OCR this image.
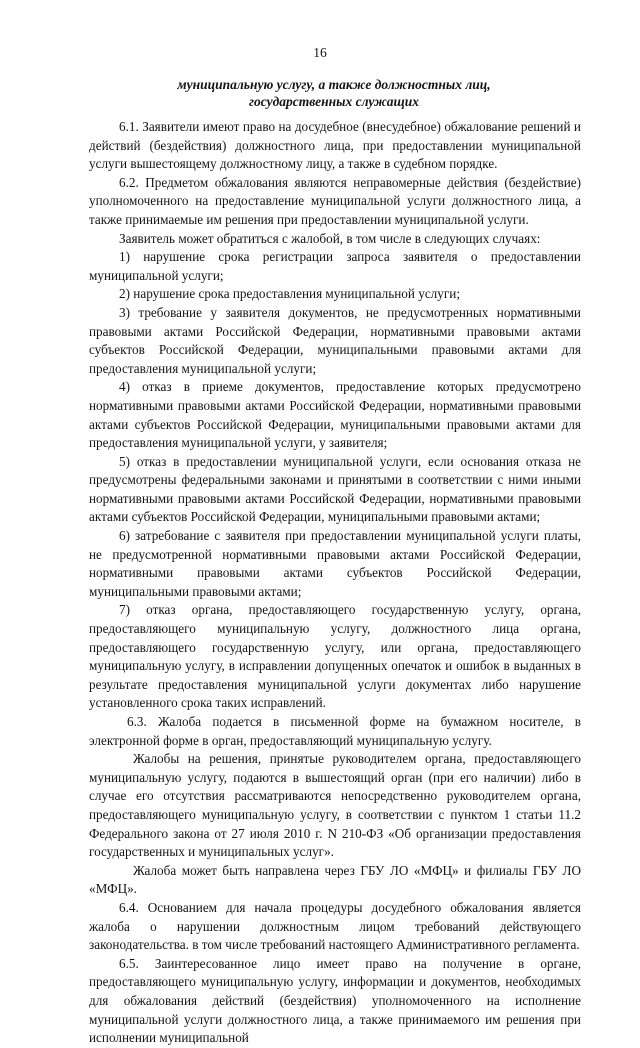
16
муниципальную услугу, а также должностных лиц,
государственных служащих

6.1. Заявители имеют право на досудебное (внесудебное) обжалование решений и действий (бездействия) должностного лица, при предоставлении муниципальной услуги вышестоящему должностному лицу, а также в судебном порядке.

6.2. Предметом обжалования являются неправомерные действия (бездействие) уполномоченного на предоставление муниципальной услуги должностного лица, а также принимаемые им решения при предоставлении муниципальной услуги.

Заявитель может обратиться с жалобой, в том числе в следующих случаях:

1) нарушение срока регистрации запроса заявителя о предоставлении муниципальной услуги;

2) нарушение срока предоставления муниципальной услуги;

3) требование у заявителя документов, не предусмотренных нормативными правовыми актами Российской Федерации, нормативными правовыми актами субъектов Российской Федерации, муниципальными правовыми актами для предоставления муниципальной услуги;

4) отказ в приеме документов, предоставление которых предусмотрено нормативными правовыми актами Российской Федерации, нормативными правовыми актами субъектов Российской Федерации, муниципальными правовыми актами для предоставления муниципальной услуги, у заявителя;

5) отказ в предоставлении муниципальной услуги, если основания отказа не предусмотрены федеральными законами и принятыми в соответствии с ними иными нормативными правовыми актами Российской Федерации, нормативными правовыми актами субъектов Российской Федерации, муниципальными правовыми актами;

6) затребование с заявителя при предоставлении муниципальной услуги платы, не предусмотренной нормативными правовыми актами Российской Федерации, нормативными правовыми актами субъектов Российской Федерации, муниципальными правовыми актами;

7) отказ органа, предоставляющего государственную услугу, органа, предоставляющего муниципальную услугу, должностного лица органа, предоставляющего государственную услугу, или органа, предоставляющего муниципальную услугу, в исправлении допущенных опечаток и ошибок в выданных в результате предоставления муниципальной услуги документах либо нарушение установленного срока таких исправлений.

6.3. Жалоба подается в письменной форме на бумажном носителе, в электронной форме в орган, предоставляющий муниципальную услугу.

Жалобы на решения, принятые руководителем органа, предоставляющего муниципальную услугу, подаются в вышестоящий орган (при его наличии) либо в случае его отсутствия рассматриваются непосредственно руководителем органа, предоставляющего муниципальную услугу, в соответствии с пунктом 1 статьи 11.2 Федерального закона от 27 июля 2010 г. N 210-ФЗ «Об организации предоставления государственных и муниципальных услуг».

Жалоба может быть направлена через ГБУ ЛО «МФЦ» и филиалы ГБУ ЛО «МФЦ».

6.4. Основанием для начала процедуры досудебного обжалования является жалоба о нарушении должностным лицом требований действующего законодательства. в том числе требований настоящего Административного регламента.

6.5. Заинтересованное лицо имеет право на получение в органе, предоставляющего муниципальную услугу, информации и документов, необходимых для обжалования действий (бездействия) уполномоченного на исполнение муниципальной услуги должностного лица, а также принимаемого им решения при исполнении муниципальной
